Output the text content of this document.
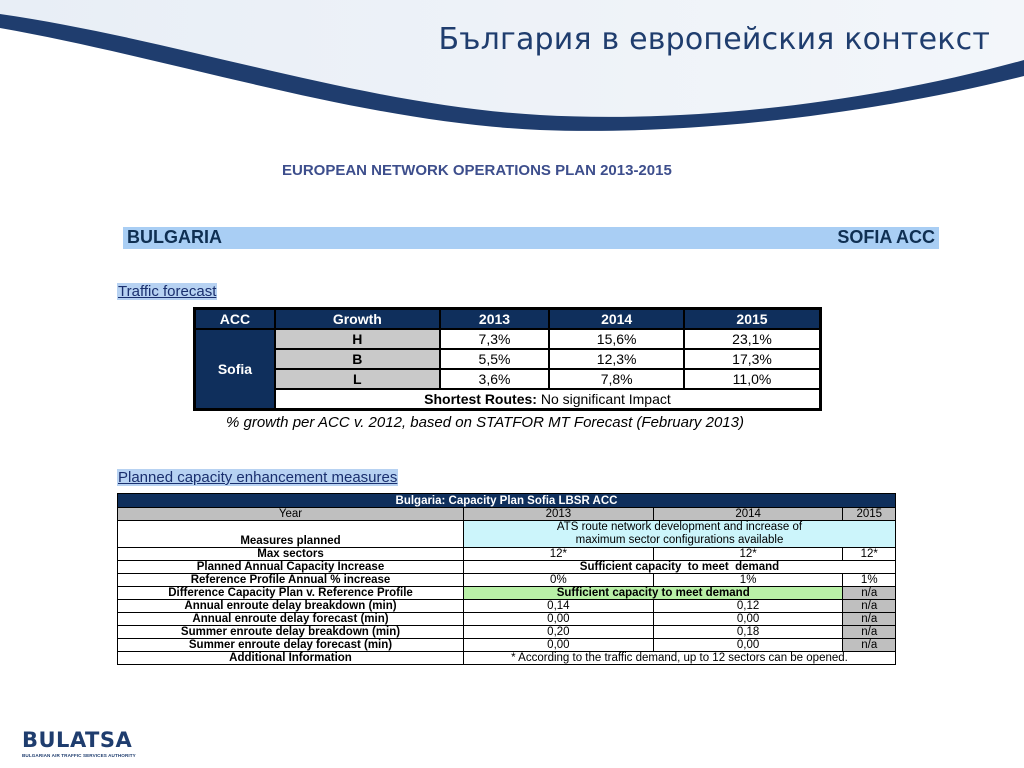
България в европейския контекст
EUROPEAN NETWORK OPERATIONS PLAN 2013-2015
BULGARIA	SOFIA ACC
Traffic forecast
ACC	Growth	2013	2014	2015
Sofia	H	7,3%	15,6%	23,1%
	B	5,5%	12,3%	17,3%
	L	3,6%	7,8%	11,0%
	Shortest Routes: No significant Impact			
% growth per ACC v. 2012, based on STATFOR MT Forecast (February 2013)
Planned capacity enhancement measures
Bulgaria: Capacity Plan Sofia LBSR ACC			
Year	2013	2014	2015
Measures planned	ATS route network development and increase of maximum sector configurations available		
Max sectors	12*	12*	12*
Planned Annual Capacity Increase	Sufficient capacity  to meet  demand		
Reference Profile Annual % increase	0%	1%	1%
Difference Capacity Plan v. Reference Profile	Sufficient capacity to meet demand		n/a
Annual enroute delay breakdown (min)	0,14	0,12	n/a
Annual enroute delay forecast (min)	0,00	0,00	n/a
Summer enroute delay breakdown (min)	0,20	0,18	n/a
Summer enroute delay forecast (min)	0,00	0,00	n/a
Additional Information	* According to the traffic demand, up to 12 sectors can be opened.		
BULATSA
BULGARIAN AIR TRAFFIC SERVICES AUTHORITY
